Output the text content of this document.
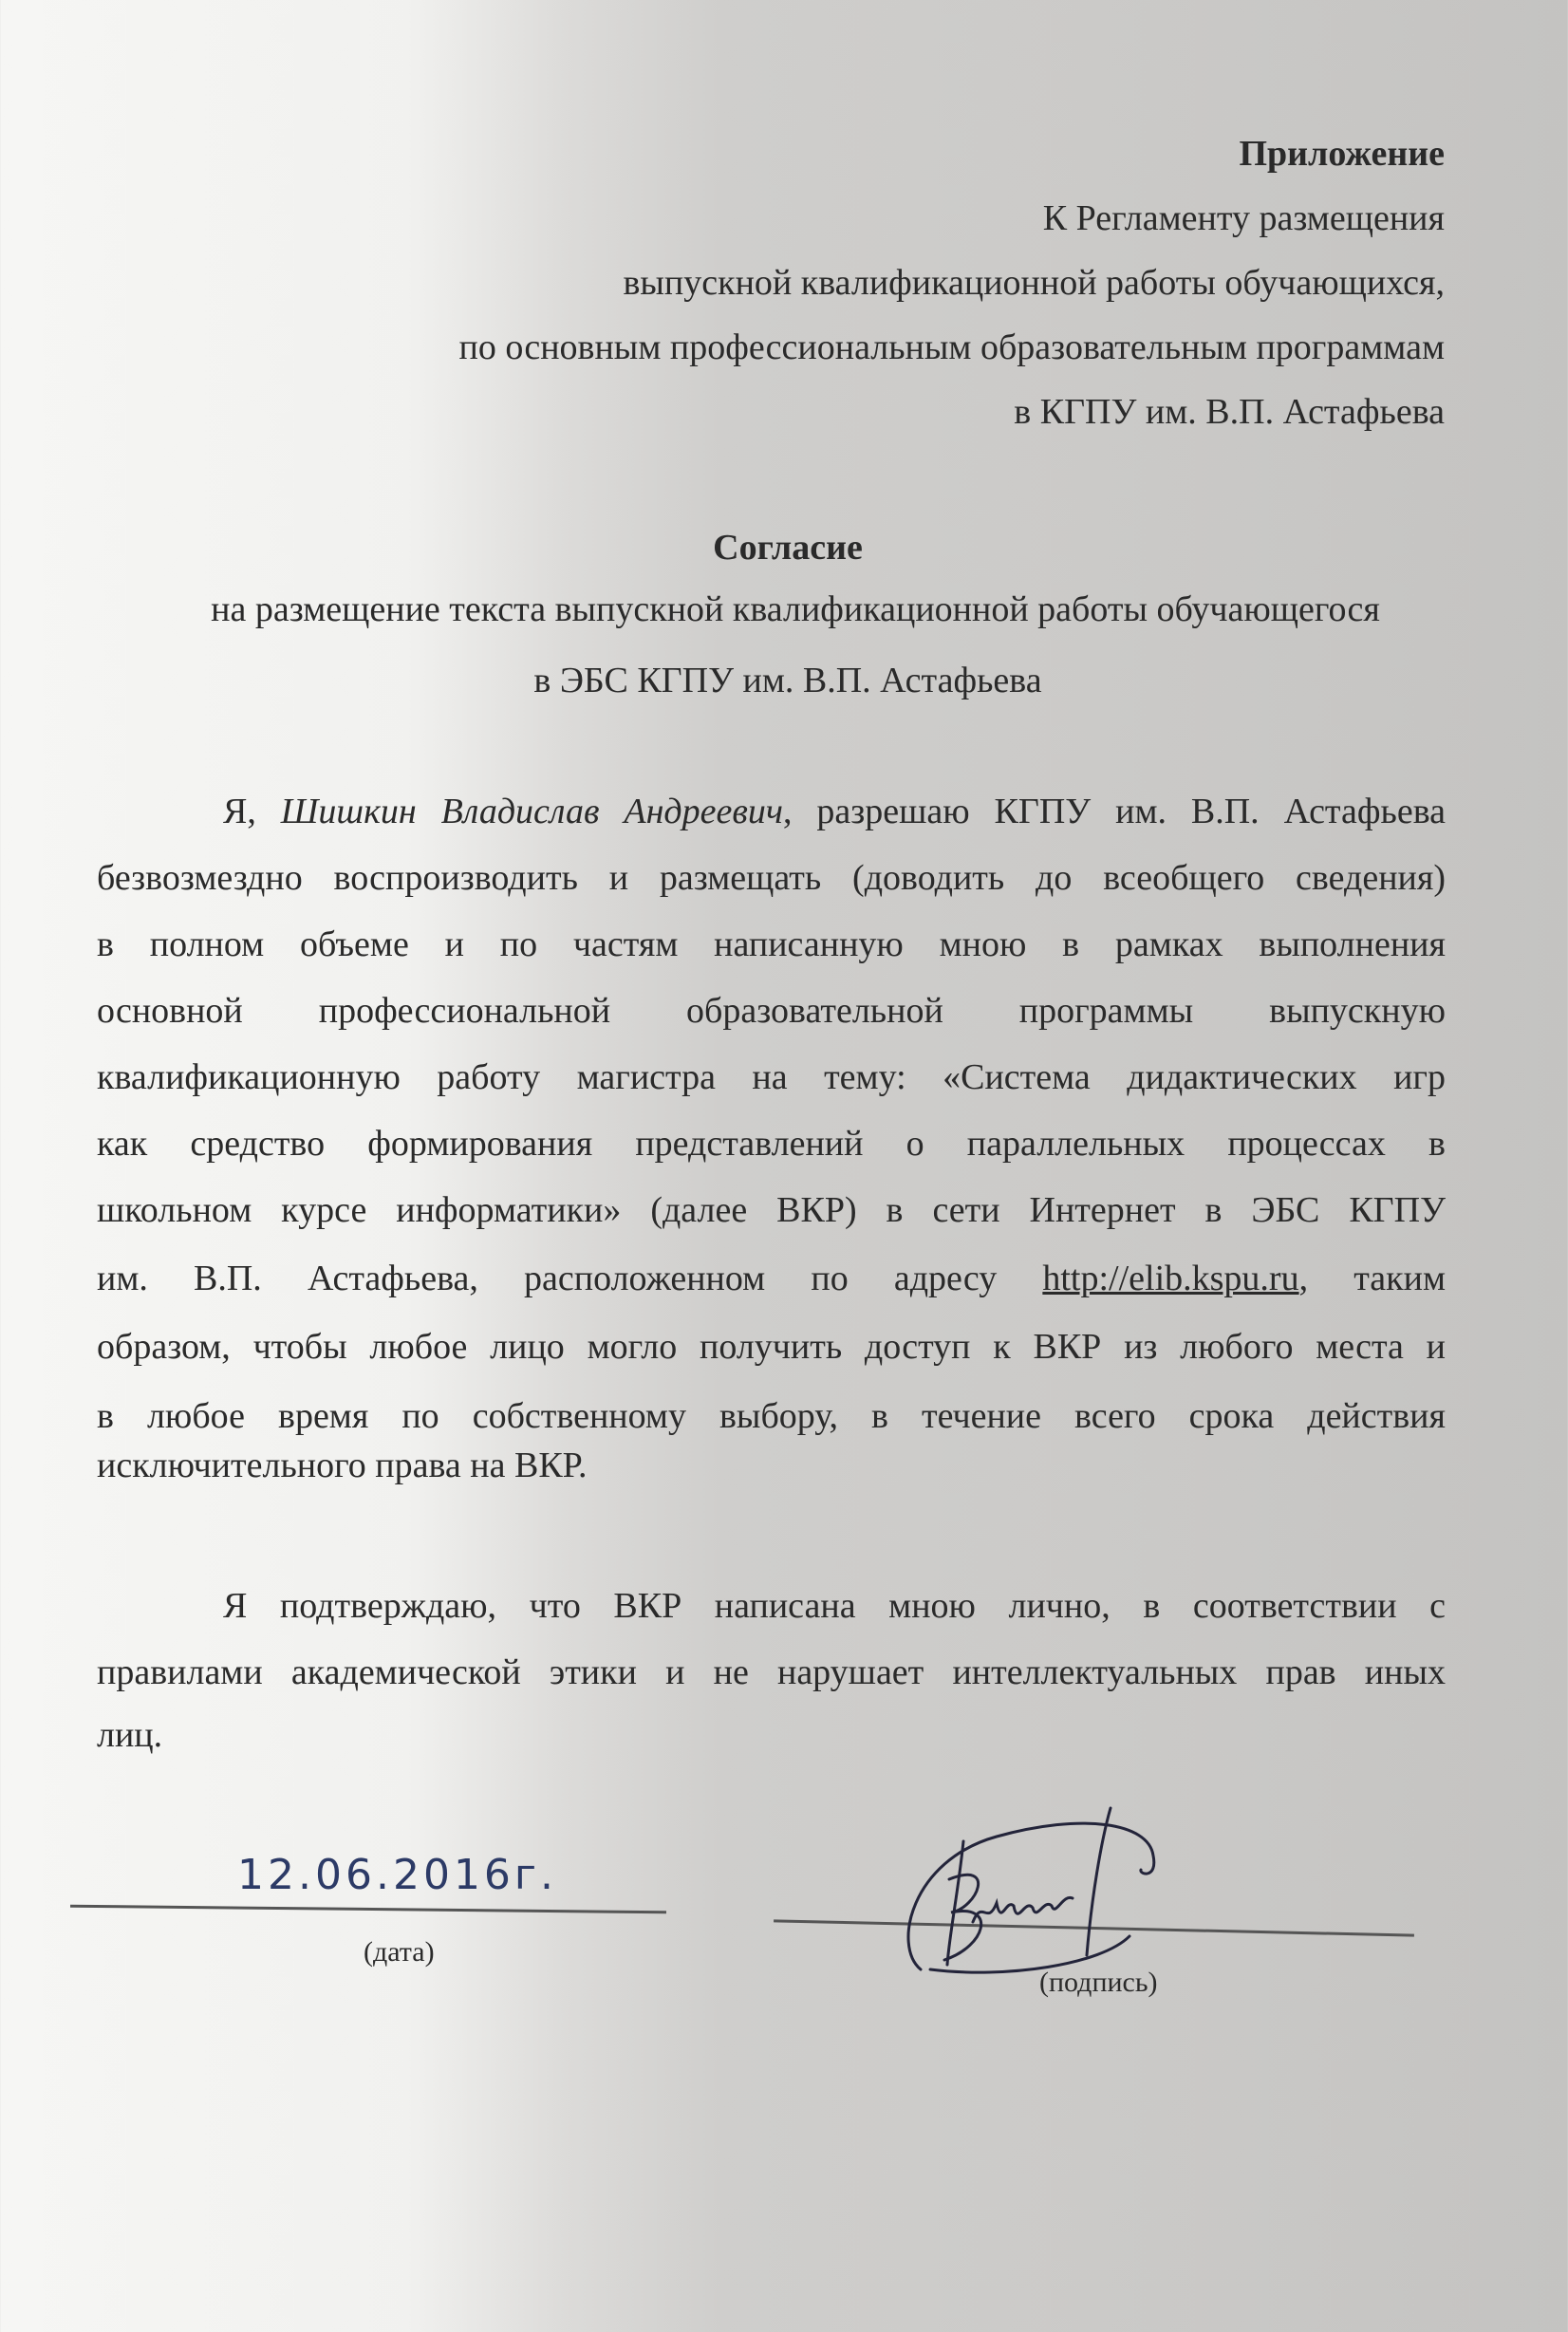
Приложение
К Регламенту размещения
выпускной квалификационной работы обучающихся,
по основным профессиональным образовательным программам
в КГПУ им. В.П. Астафьева
Согласие
на размещение текста выпускной квалификационной работы обучающегося
в ЭБС КГПУ им. В.П. Астафьева
Я, Шишкин Владислав Андреевич, разрешаю КГПУ им. В.П. Астафьева
безвозмездно воспроизводить и размещать (доводить до всеобщего сведения)
в полном объеме и по частям написанную мною в рамках выполнения
основной профессиональной образовательной программы выпускную
квалификационную работу магистра на тему: «Система дидактических игр
как средство формирования представлений о параллельных процессах в
школьном курсе информатики» (далее ВКР) в сети Интернет в ЭБС КГПУ
им. В.П. Астафьева, расположенном по адресу http://elib.kspu.ru, таким
образом, чтобы любое лицо могло получить доступ к ВКР из любого места и
в любое время по собственному выбору, в течение всего срока действия
исключительного права на ВКР.
Я подтверждаю, что ВКР написана мною лично, в соответствии с
правилами академической этики и не нарушает интеллектуальных прав иных
лиц.
12.06.2016г.
(дата)
(подпись)
